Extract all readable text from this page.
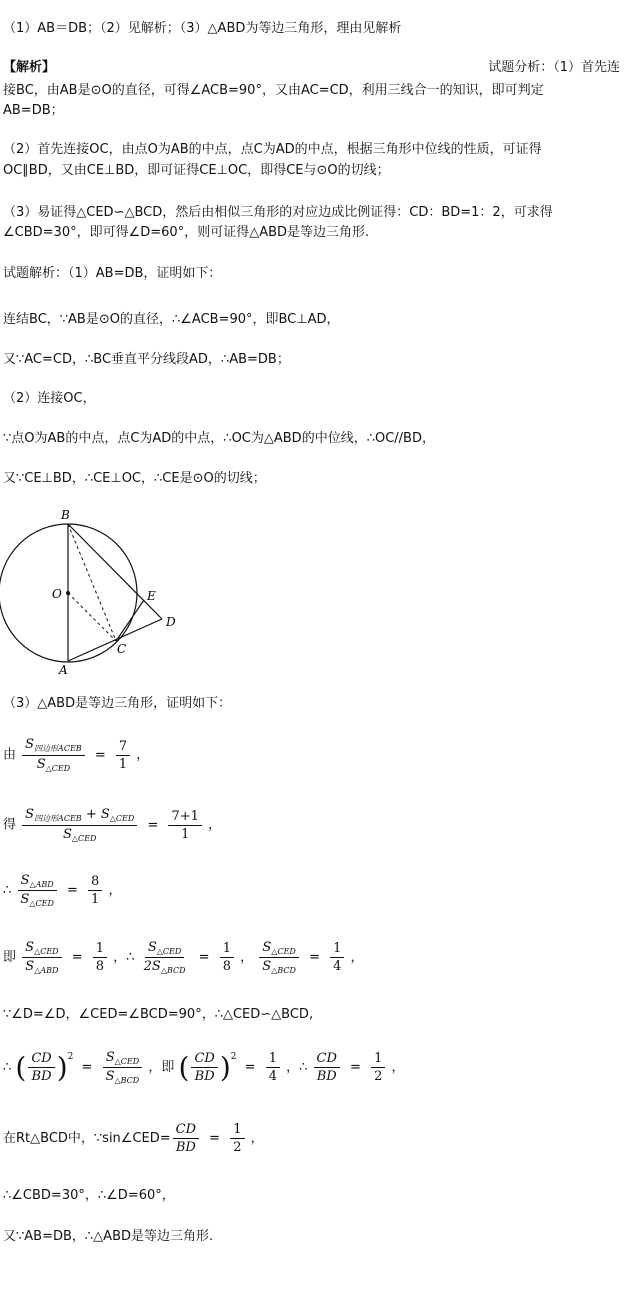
（1）AB＝DB；（2）见解析；（3）△ABD为等边三角形，理由见解析
【解析】	试题分析：（1）首先连
接BC，由AB是⊙O的直径，可得∠ACB=90°，又由AC=CD，利用三线合一的知识，即可判定
AB=DB；
（2）首先连接OC，由点O为AB的中点，点C为AD的中点，根据三角形中位线的性质，可证得
OC∥BD，又由CE⊥BD，即可证得CE⊥OC，即得CE与⊙O的切线；
（3）易证得△CED∽△BCD，然后由相似三角形的对应边成比例证得：CD：BD=1：2，可求得
∠CBD=30°，即可得∠D=60°，则可证得△ABD是等边三角形.
试题解析：（1）AB=DB，证明如下：
连结BC，∵AB是⊙O的直径，∴∠ACB=90°，即BC⊥AD，
又∵AC=CD，∴BC垂直平分线段AD，∴AB=DB；
（2）连接OC，
∵点O为AB的中点，点C为AD的中点，∴OC为△ABD的中位线，∴OC//BD，
又∵CE⊥BD，∴CE⊥OC，∴CE是⊙O的切线；
B
O	E
D
C
A
（3）△ABD是等边三角形，证明如下：
由 $\frac{S_{四边形ACEB}}{S_{\triangle CED}} = \frac{7}{1}$ ，
得 $\frac{S_{四边形ACEB} + S_{\triangle CED}}{S_{\triangle CED}} = \frac{7+1}{1}$ ，
∴ $\frac{S_{\triangle ABD}}{S_{\triangle CED}} = \frac{8}{1}$ ，
即 $\frac{S_{\triangle CED}}{S_{\triangle ABD}} = \frac{1}{8}$ ，∴ $\frac{S_{\triangle CED}}{2S_{\triangle BCD}} = \frac{1}{8}$ ， $\frac{S_{\triangle CED}}{S_{\triangle BCD}} = \frac{1}{4}$ ，
∵∠D=∠D，∠CED=∠BCD=90°，∴△CED∽△BCD,
∴ ( $\frac{CD}{BD} )^2 = \frac{S_{\triangle CED}}{S_{\triangle BCD}}$ ，即 ( $\frac{CD}{BD} )^2 = \frac{1}{4}$ ，∴ $\frac{CD}{BD} = \frac{1}{2}$ ，
在Rt△BCD中，∵sin∠CED= $\frac{CD}{BD} = \frac{1}{2}$ ，
∴∠CBD=30°，∴∠D=60°，
又∵AB=DB，∴△ABD是等边三角形.
